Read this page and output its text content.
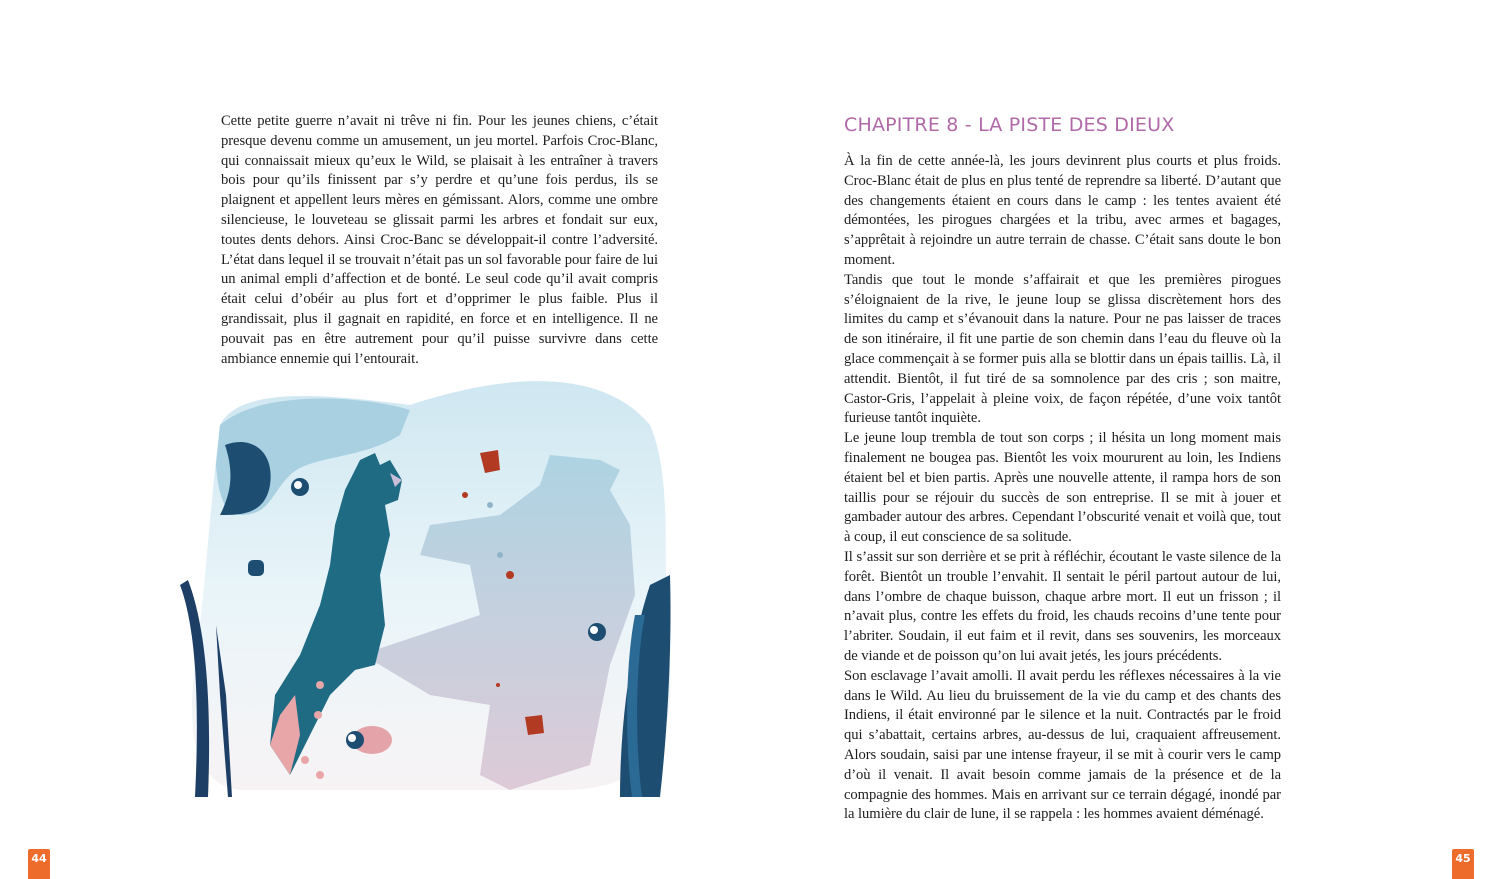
Cette petite guerre n’avait ni trêve ni fin. Pour les jeunes chiens, c’était presque devenu comme un amusement, un jeu mortel. Parfois Croc-Blanc, qui connaissait mieux qu’eux le Wild, se plaisait à les entraîner à travers bois pour qu’ils finissent par s’y perdre et qu’une fois perdus, ils se plaignent et appellent leurs mères en gémissant. Alors, comme une ombre silencieuse, le louveteau se glissait parmi les arbres et fondait sur eux, toutes dents dehors. Ainsi Croc-Banc se développait-il contre l’adversité. L’état dans lequel il se trouvait n’était pas un sol favorable pour faire de lui un animal empli d’affection et de bonté. Le seul code qu’il avait compris était celui d’obéir au plus fort et d’opprimer le plus faible. Plus il grandissait, plus il gagnait en rapidité, en force et en intelligence. Il ne pouvait pas en être autrement pour qu’il puisse survivre dans cette ambiance ennemie qui l’entourait.

44
CHAPITRE 8 - LA PISTE DES DIEUX

À la fin de cette année-là, les jours devinrent plus courts et plus froids. Croc-Blanc était de plus en plus tenté de reprendre sa liberté. D’autant que des changements étaient en cours dans le camp : les tentes avaient été démontées, les pirogues chargées et la tribu, avec armes et bagages, s’apprêtait à rejoindre un autre terrain de chasse. C’était sans doute le bon moment.

Tandis que tout le monde s’affairait et que les premières pirogues s’éloignaient de la rive, le jeune loup se glissa discrètement hors des limites du camp et s’évanouit dans la nature. Pour ne pas laisser de traces de son itinéraire, il fit une partie de son chemin dans l’eau du fleuve où la glace commençait à se former puis alla se blottir dans un épais taillis. Là, il attendit. Bientôt, il fut tiré de sa somnolence par des cris ; son maitre, Castor-Gris, l’appelait à pleine voix, de façon répétée, d’une voix tantôt furieuse tantôt inquiète.

Le jeune loup trembla de tout son corps ; il hésita un long moment mais finalement ne bougea pas. Bientôt les voix moururent au loin, les Indiens étaient bel et bien partis. Après une nouvelle attente, il rampa hors de son taillis pour se réjouir du succès de son entreprise. Il se mit à jouer et gambader autour des arbres. Cependant l’obscurité venait et voilà que, tout à coup, il eut conscience de sa solitude.

Il s’assit sur son derrière et se prit à réfléchir, écoutant le vaste silence de la forêt. Bientôt un trouble l’envahit. Il sentait le péril partout autour de lui, dans l’ombre de chaque buisson, chaque arbre mort. Il eut un frisson ; il n’avait plus, contre les effets du froid, les chauds recoins d’une tente pour l’abriter. Soudain, il eut faim et il revit, dans ses souvenirs, les morceaux de viande et de poisson qu’on lui avait jetés, les jours précédents.

Son esclavage l’avait amolli. Il avait perdu les réflexes nécessaires à la vie dans le Wild. Au lieu du bruissement de la vie du camp et des chants des Indiens, il était environné par le silence et la nuit. Contractés par le froid qui s’abattait, certains arbres, au-dessus de lui, craquaient affreusement. Alors soudain, saisi par une intense frayeur, il se mit à courir vers le camp d’où il venait. Il avait besoin comme jamais de la présence et de la compagnie des hommes. Mais en arrivant sur ce terrain dégagé, inondé par la lumière du clair de lune, il se rappela : les hommes avaient déménagé.

45
